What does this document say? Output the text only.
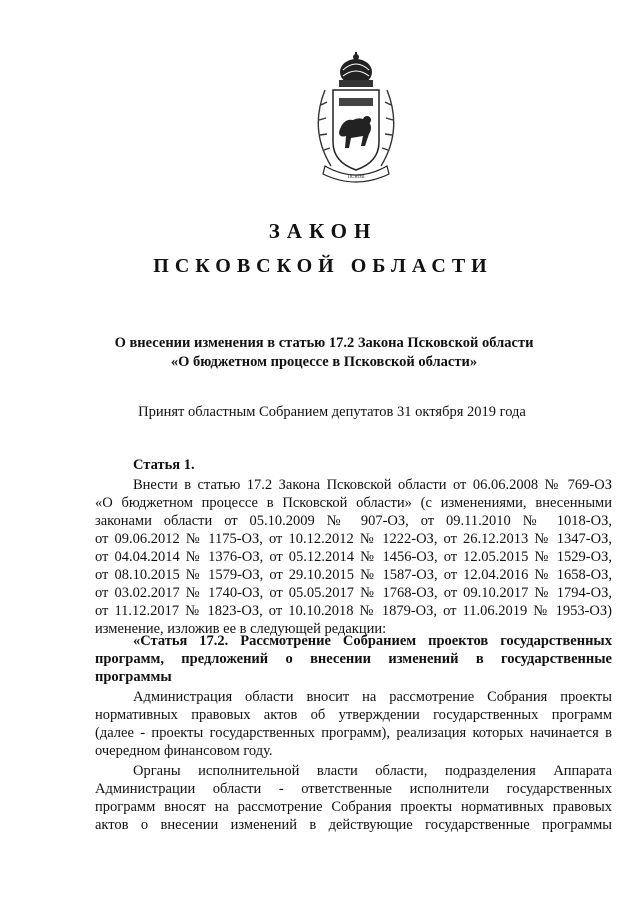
ПСКОВ
ЗАКОН
ПСКОВСКОЙ ОБЛАСТИ
О внесении изменения в статью 17.2 Закона Псковской области
«О бюджетном процессе в Псковской области»
Принят областным Собранием депутатов 31 октября 2019 года
Статья 1.
Внести в статью 17.2 Закона Псковской области от 06.06.2008 № 769-ОЗ
«О бюджетном процессе в Псковской области» (с изменениями, внесенными
законами области от 05.10.2009 № 907-ОЗ, от 09.11.2010 № 1018-ОЗ,
от 09.06.2012 № 1175-ОЗ, от 10.12.2012 № 1222-ОЗ, от 26.12.2013 № 1347-ОЗ,
от 04.04.2014 № 1376-ОЗ, от 05.12.2014 № 1456-ОЗ, от 12.05.2015 № 1529-ОЗ,
от 08.10.2015 № 1579-ОЗ, от 29.10.2015 № 1587-ОЗ, от 12.04.2016 № 1658-ОЗ,
от 03.02.2017 № 1740-ОЗ, от 05.05.2017 № 1768-ОЗ, от 09.10.2017 № 1794-ОЗ,
от 11.12.2017 № 1823-ОЗ, от 10.10.2018 № 1879-ОЗ, от 11.06.2019 № 1953-ОЗ)
изменение, изложив ее в следующей редакции:
«Статья 17.2. Рассмотрение Собранием проектов государственных
программ, предложений о внесении изменений в государственные
программы
Администрация области вносит на рассмотрение Собрания проекты
нормативных правовых актов об утверждении государственных программ
(далее - проекты государственных программ), реализация которых начинается в
очередном финансовом году.
Органы исполнительной власти области, подразделения Аппарата
Администрации области - ответственные исполнители государственных
программ вносят на рассмотрение Собрания проекты нормативных правовых
актов о внесении изменений в действующие государственные программы
